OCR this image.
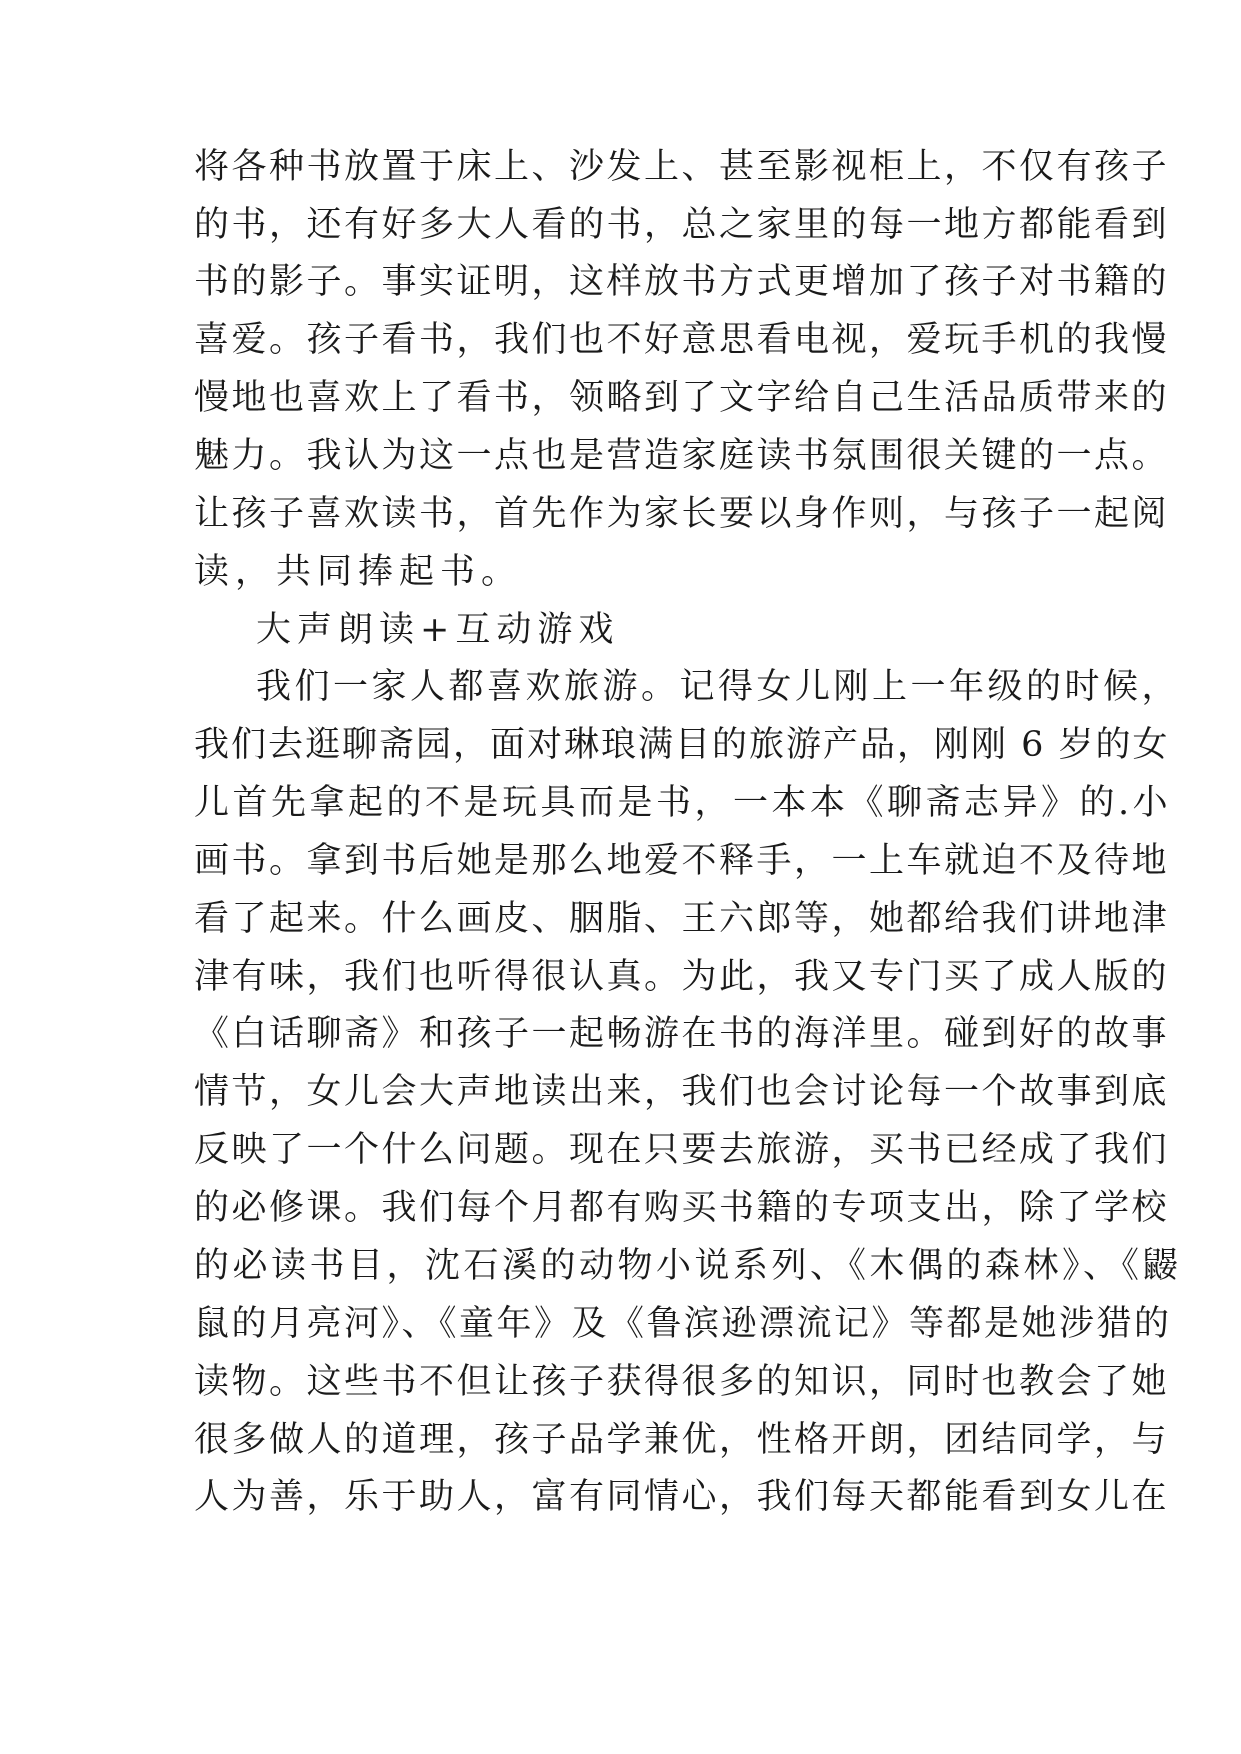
将各种书放置于床上、沙发上、甚至影视柜上，不仅有孩子
的书，还有好多大人看的书，总之家里的每一地方都能看到
书的影子。事实证明，这样放书方式更增加了孩子对书籍的
喜爱。孩子看书，我们也不好意思看电视，爱玩手机的我慢
慢地也喜欢上了看书，领略到了文字给自己生活品质带来的
魅力。我认为这一点也是营造家庭读书氛围很关键的一点。
让孩子喜欢读书，首先作为家长要以身作则，与孩子一起阅
读，共同捧起书。
大声朗读+互动游戏
我们一家人都喜欢旅游。记得女儿刚上一年级的时候，
我们去逛聊斋园，面对琳琅满目的旅游产品，刚刚 6 岁的女
儿首先拿起的不是玩具而是书，一本本《聊斋志异》的.小
画书。拿到书后她是那么地爱不释手，一上车就迫不及待地
看了起来。什么画皮、胭脂、王六郎等，她都给我们讲地津
津有味，我们也听得很认真。为此，我又专门买了成人版的
《白话聊斋》和孩子一起畅游在书的海洋里。碰到好的故事
情节，女儿会大声地读出来，我们也会讨论每一个故事到底
反映了一个什么问题。现在只要去旅游，买书已经成了我们
的必修课。我们每个月都有购买书籍的专项支出，除了学校
的必读书目，沈石溪的动物小说系列、《木偶的森林》、《鼹
鼠的月亮河》、《童年》及《鲁滨逊漂流记》等都是她涉猎的
读物。这些书不但让孩子获得很多的知识，同时也教会了她
很多做人的道理，孩子品学兼优，性格开朗，团结同学，与
人为善，乐于助人，富有同情心，我们每天都能看到女儿在
